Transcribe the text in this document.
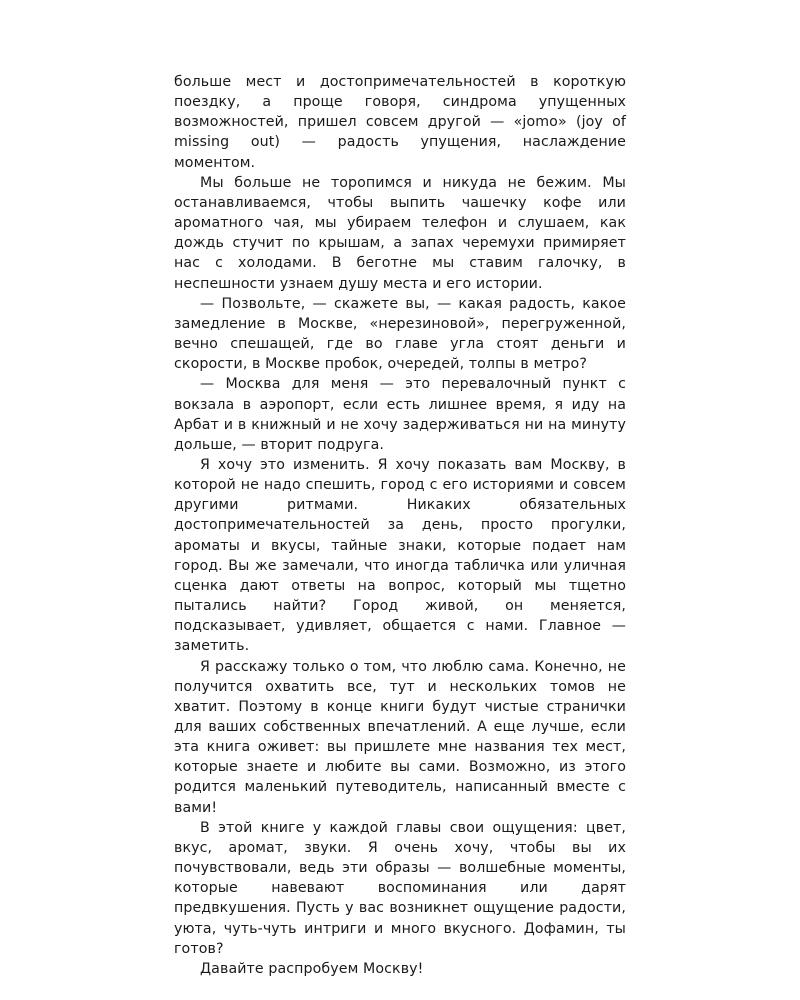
больше мест и достопримечательностей в короткую поездку, а проще говоря, синдрома упущенных возможностей, пришел совсем другой — «jomo» (joy of missing out) — радость упущения, наслаждение моментом.

Мы больше не торопимся и никуда не бежим. Мы останавливаемся, чтобы выпить чашечку кофе или ароматного чая, мы убираем телефон и слушаем, как дождь стучит по крышам, а запах черемухи примиряет нас с холодами. В беготне мы ставим галочку, в неспешности узнаем душу места и его истории.

— Позвольте, — скажете вы, — какая радость, какое замедление в Москве, «нерезиновой», перегруженной, вечно спешащей, где во главе угла стоят деньги и скорости, в Москве пробок, очередей, толпы в метро?

— Москва для меня — это перевалочный пункт с вокзала в аэропорт, если есть лишнее время, я иду на Арбат и в книжный и не хочу задерживаться ни на минуту дольше, — вторит подруга.

Я хочу это изменить. Я хочу показать вам Москву, в которой не надо спешить, город с его историями и совсем другими ритмами. Никаких обязательных достопримечательностей за день, просто прогулки, ароматы и вкусы, тайные знаки, которые подает нам город. Вы же замечали, что иногда табличка или уличная сценка дают ответы на вопрос, который мы тщетно пытались найти? Город живой, он меняется, подсказывает, удивляет, общается с нами. Главное — заметить.

Я расскажу только о том, что люблю сама. Конечно, не получится охватить все, тут и нескольких томов не хватит. Поэтому в конце книги будут чистые странички для ваших собственных впечатлений. А еще лучше, если эта книга оживет: вы пришлете мне названия тех мест, которые знаете и любите вы сами. Возможно, из этого родится маленький путеводитель, написанный вместе с вами!

В этой книге у каждой главы свои ощущения: цвет, вкус, аромат, звуки. Я очень хочу, чтобы вы их почувствовали, ведь эти образы — волшебные моменты, которые навевают воспоминания или дарят предвкушения. Пусть у вас возникнет ощущение радости, уюта, чуть-чуть интриги и много вкусного. Дофамин, ты готов?

Давайте распробуем Москву!
